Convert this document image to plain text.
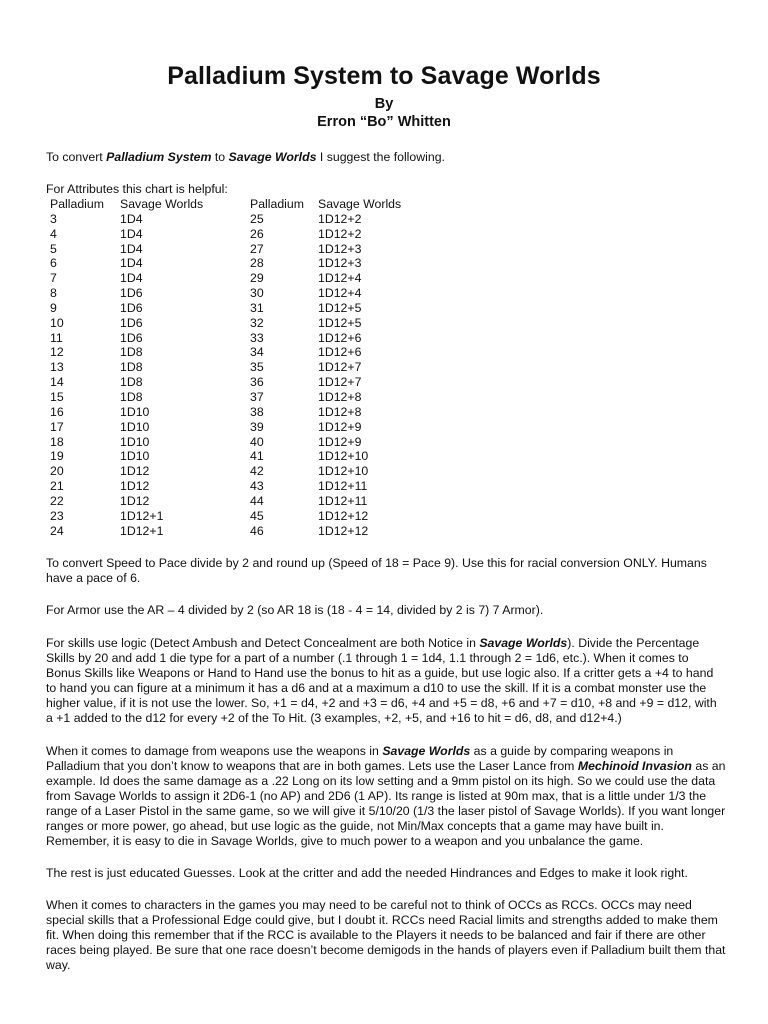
Palladium System to Savage Worlds

By

Erron “Bo” Whitten

To convert Palladium System to Savage Worlds I suggest the following.

For Attributes this chart is helpful:

Palladium	Savage Worlds	Palladium	Savage Worlds
3	1D4	25	1D12+2
4	1D4	26	1D12+2
5	1D4	27	1D12+3
6	1D4	28	1D12+3
7	1D4	29	1D12+4
8	1D6	30	1D12+4
9	1D6	31	1D12+5
10	1D6	32	1D12+5
11	1D6	33	1D12+6
12	1D8	34	1D12+6
13	1D8	35	1D12+7
14	1D8	36	1D12+7
15	1D8	37	1D12+8
16	1D10	38	1D12+8
17	1D10	39	1D12+9
18	1D10	40	1D12+9
19	1D10	41	1D12+10
20	1D12	42	1D12+10
21	1D12	43	1D12+11
22	1D12	44	1D12+11
23	1D12+1	45	1D12+12
24	1D12+1	46	1D12+12

To convert Speed to Pace divide by 2 and round up (Speed of 18 = Pace 9). Use this for racial conversion ONLY. Humans have a pace of 6.

For Armor use the AR – 4 divided by 2 (so AR 18 is (18 - 4 = 14, divided by 2 is 7) 7 Armor).

For skills use logic (Detect Ambush and Detect Concealment are both Notice in Savage Worlds). Divide the Percentage Skills by 20 and add 1 die type for a part of a number (.1 through 1 = 1d4, 1.1 through 2 = 1d6, etc.). When it comes to Bonus Skills like Weapons or Hand to Hand use the bonus to hit as a guide, but use logic also. If a critter gets a +4 to hand to hand you can figure at a minimum it has a d6 and at a maximum a d10 to use the skill. If it is a combat monster use the higher value, if it is not use the lower. So, +1 = d4, +2 and +3 = d6, +4 and +5 = d8, +6 and +7 = d10, +8 and +9 = d12, with a +1 added to the d12 for every +2 of the To Hit. (3 examples, +2, +5, and +16 to hit = d6, d8, and d12+4.)

When it comes to damage from weapons use the weapons in Savage Worlds as a guide by comparing weapons in Palladium that you don’t know to weapons that are in both games. Lets use the Laser Lance from Mechinoid Invasion as an example. Id does the same damage as a .22 Long on its low setting and a 9mm pistol on its high. So we could use the data from Savage Worlds to assign it 2D6-1 (no AP) and 2D6 (1 AP). Its range is listed at 90m max, that is a little under 1/3 the range of a Laser Pistol in the same game, so we will give it 5/10/20 (1/3 the laser pistol of Savage Worlds). If you want longer ranges or more power, go ahead, but use logic as the guide, not Min/Max concepts that a game may have built in. Remember, it is easy to die in Savage Worlds, give to much power to a weapon and you unbalance the game.

The rest is just educated Guesses. Look at the critter and add the needed Hindrances and Edges to make it look right.

When it comes to characters in the games you may need to be careful not to think of OCCs as RCCs. OCCs may need special skills that a Professional Edge could give, but I doubt it. RCCs need Racial limits and strengths added to make them fit. When doing this remember that if the RCC is available to the Players it needs to be balanced and fair if there are other races being played. Be sure that one race doesn’t become demigods in the hands of players even if Palladium built them that way.
